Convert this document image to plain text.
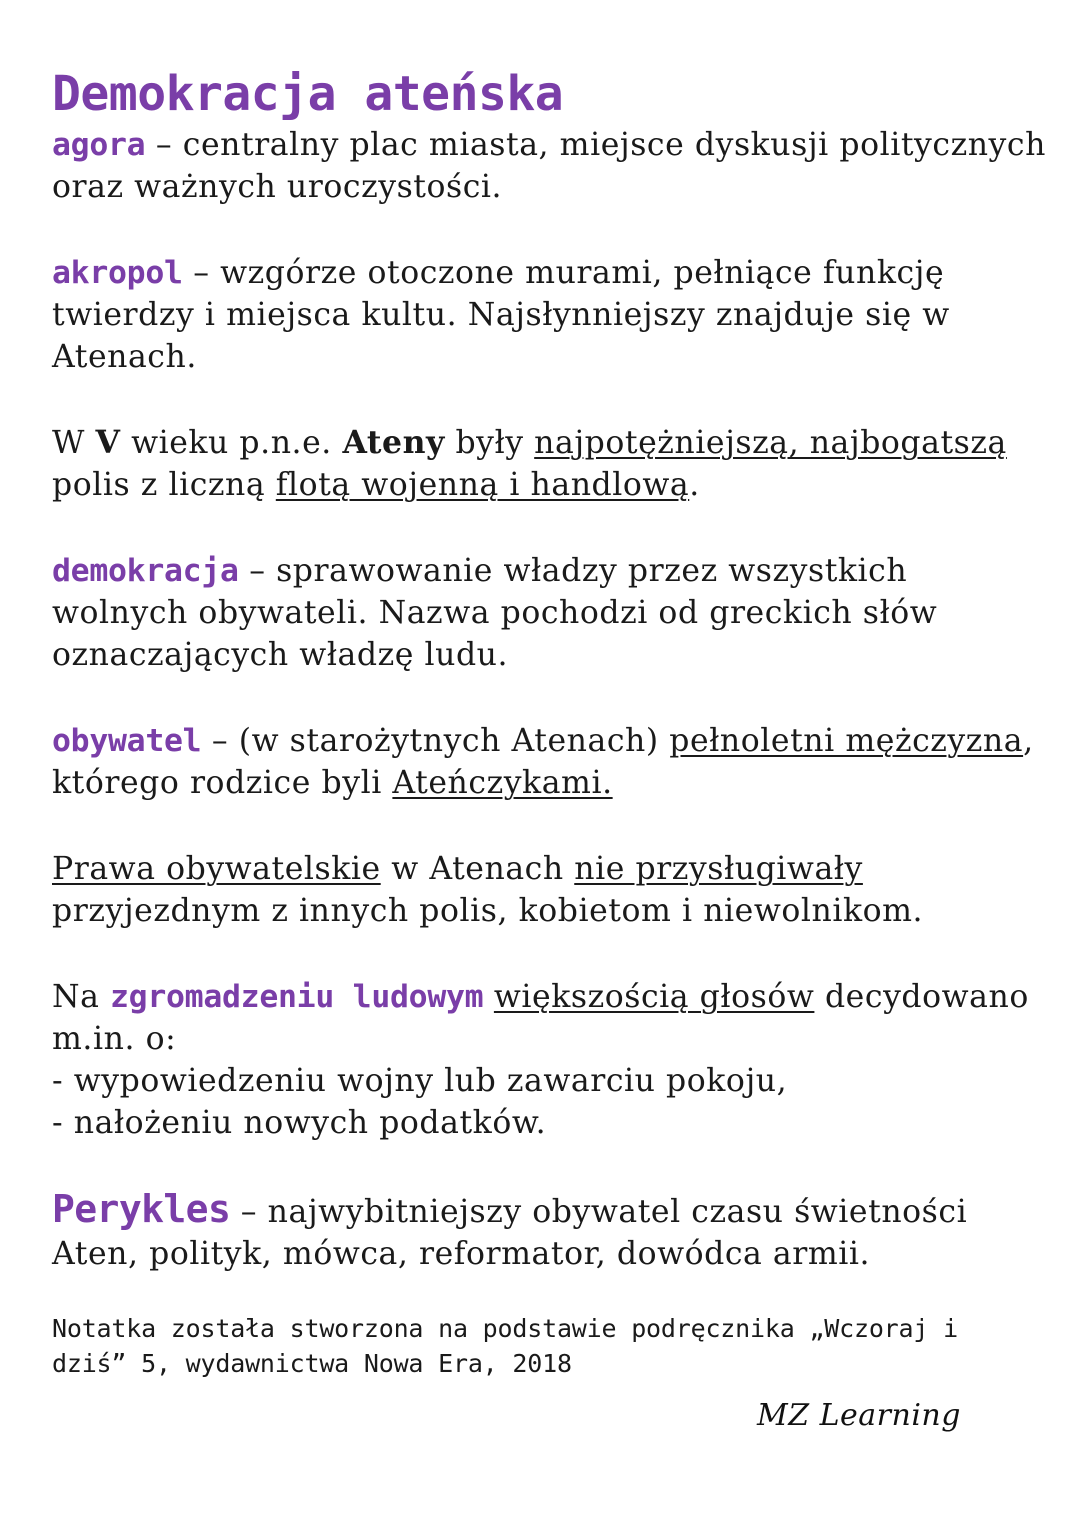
Demokracja ateńska

agora – centralny plac miasta, miejsce dyskusji politycznych oraz ważnych uroczystości.

akropol – wzgórze otoczone murami, pełniące funkcję twierdzy i miejsca kultu. Najsłynniejszy znajduje się w Atenach.

W V wieku p.n.e. Ateny były najpotężniejszą, najbogatszą polis z liczną flotą wojenną i handlową.

demokracja – sprawowanie władzy przez wszystkich wolnych obywateli. Nazwa pochodzi od greckich słów oznaczających władzę ludu.

obywatel – (w starożytnych Atenach) pełnoletni mężczyzna, którego rodzice byli Ateńczykami.

Prawa obywatelskie w Atenach nie przysługiwały przyjezdnym z innych polis, kobietom i niewolnikom.

Na zgromadzeniu ludowym większością głosów decydowano m.in. o:

- wypowiedzeniu wojny lub zawarciu pokoju,
- nałożeniu nowych podatków.

Perykles – najwybitniejszy obywatel czasu świetności Aten, polityk, mówca, reformator, dowódca armii.

Notatka została stworzona na podstawie podręcznika „Wczoraj i dziś” 5, wydawnictwa Nowa Era, 2018

MZ Learning
